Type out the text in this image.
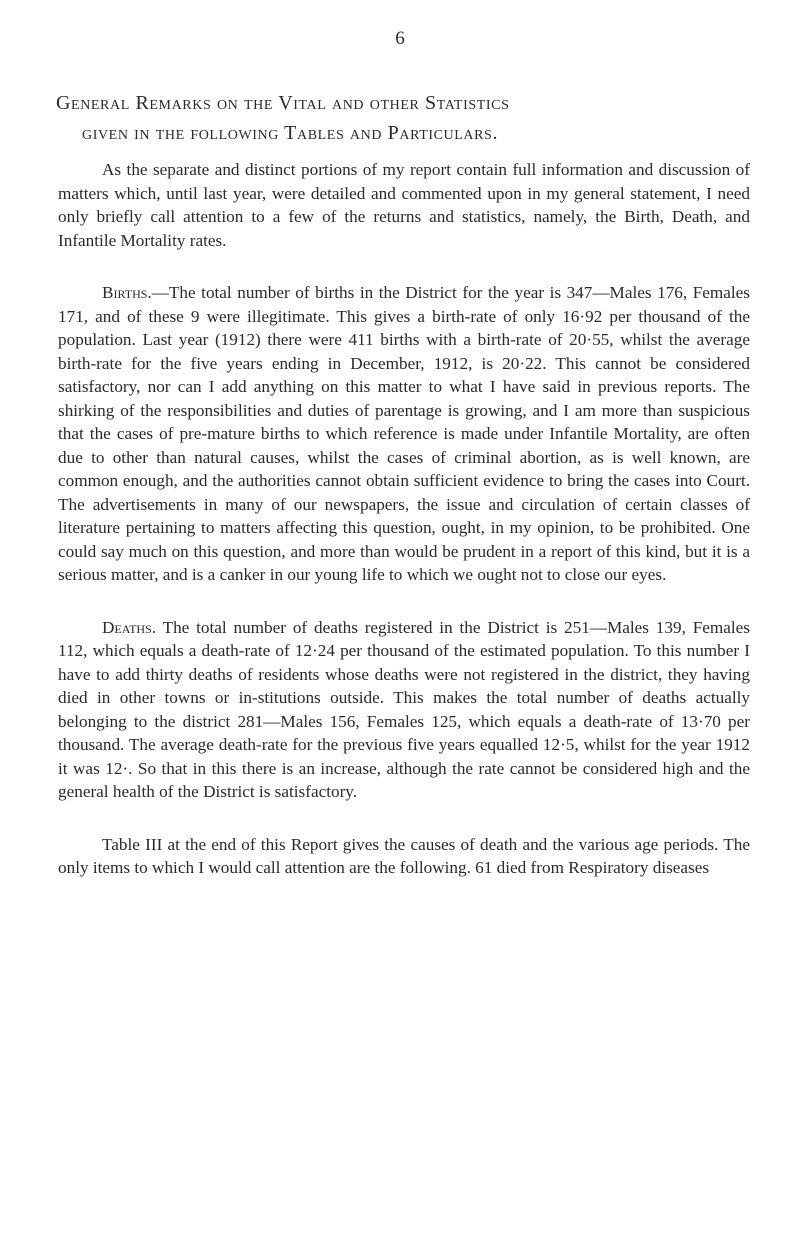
6
General Remarks on the Vital and other Statistics
given in the following Tables and Particulars.

As the separate and distinct portions of my report contain full information and discussion of matters which, until last year, were detailed and commented upon in my general statement, I need only briefly call attention to a few of the returns and statistics, namely, the Birth, Death, and Infantile Mortality rates.

Births.—The total number of births in the District for the year is 347—Males 176, Females 171, and of these 9 were illegitimate. This gives a birth-rate of only 16·92 per thousand of the population. Last year (1912) there were 411 births with a birth-rate of 20·55, whilst the average birth-rate for the five years ending in December, 1912, is 20·22. This cannot be considered satisfactory, nor can I add anything on this matter to what I have said in previous reports. The shirking of the responsibilities and duties of parentage is growing, and I am more than suspicious that the cases of pre-mature births to which reference is made under Infantile Mortality, are often due to other than natural causes, whilst the cases of criminal abortion, as is well known, are common enough, and the authorities cannot obtain sufficient evidence to bring the cases into Court. The advertisements in many of our newspapers, the issue and circulation of certain classes of literature pertaining to matters affecting this question, ought, in my opinion, to be prohibited. One could say much on this question, and more than would be prudent in a report of this kind, but it is a serious matter, and is a canker in our young life to which we ought not to close our eyes.

Deaths. The total number of deaths registered in the District is 251—Males 139, Females 112, which equals a death-rate of 12·24 per thousand of the estimated population. To this number I have to add thirty deaths of residents whose deaths were not registered in the district, they having died in other towns or in-stitutions outside. This makes the total number of deaths actually belonging to the district 281—Males 156, Females 125, which equals a death-rate of 13·70 per thousand. The average death-rate for the previous five years equalled 12·5, whilst for the year 1912 it was 12·. So that in this there is an increase, although the rate cannot be considered high and the general health of the District is satisfactory.

Table III at the end of this Report gives the causes of death and the various age periods. The only items to which I would call attention are the following. 61 died from Respiratory diseases
